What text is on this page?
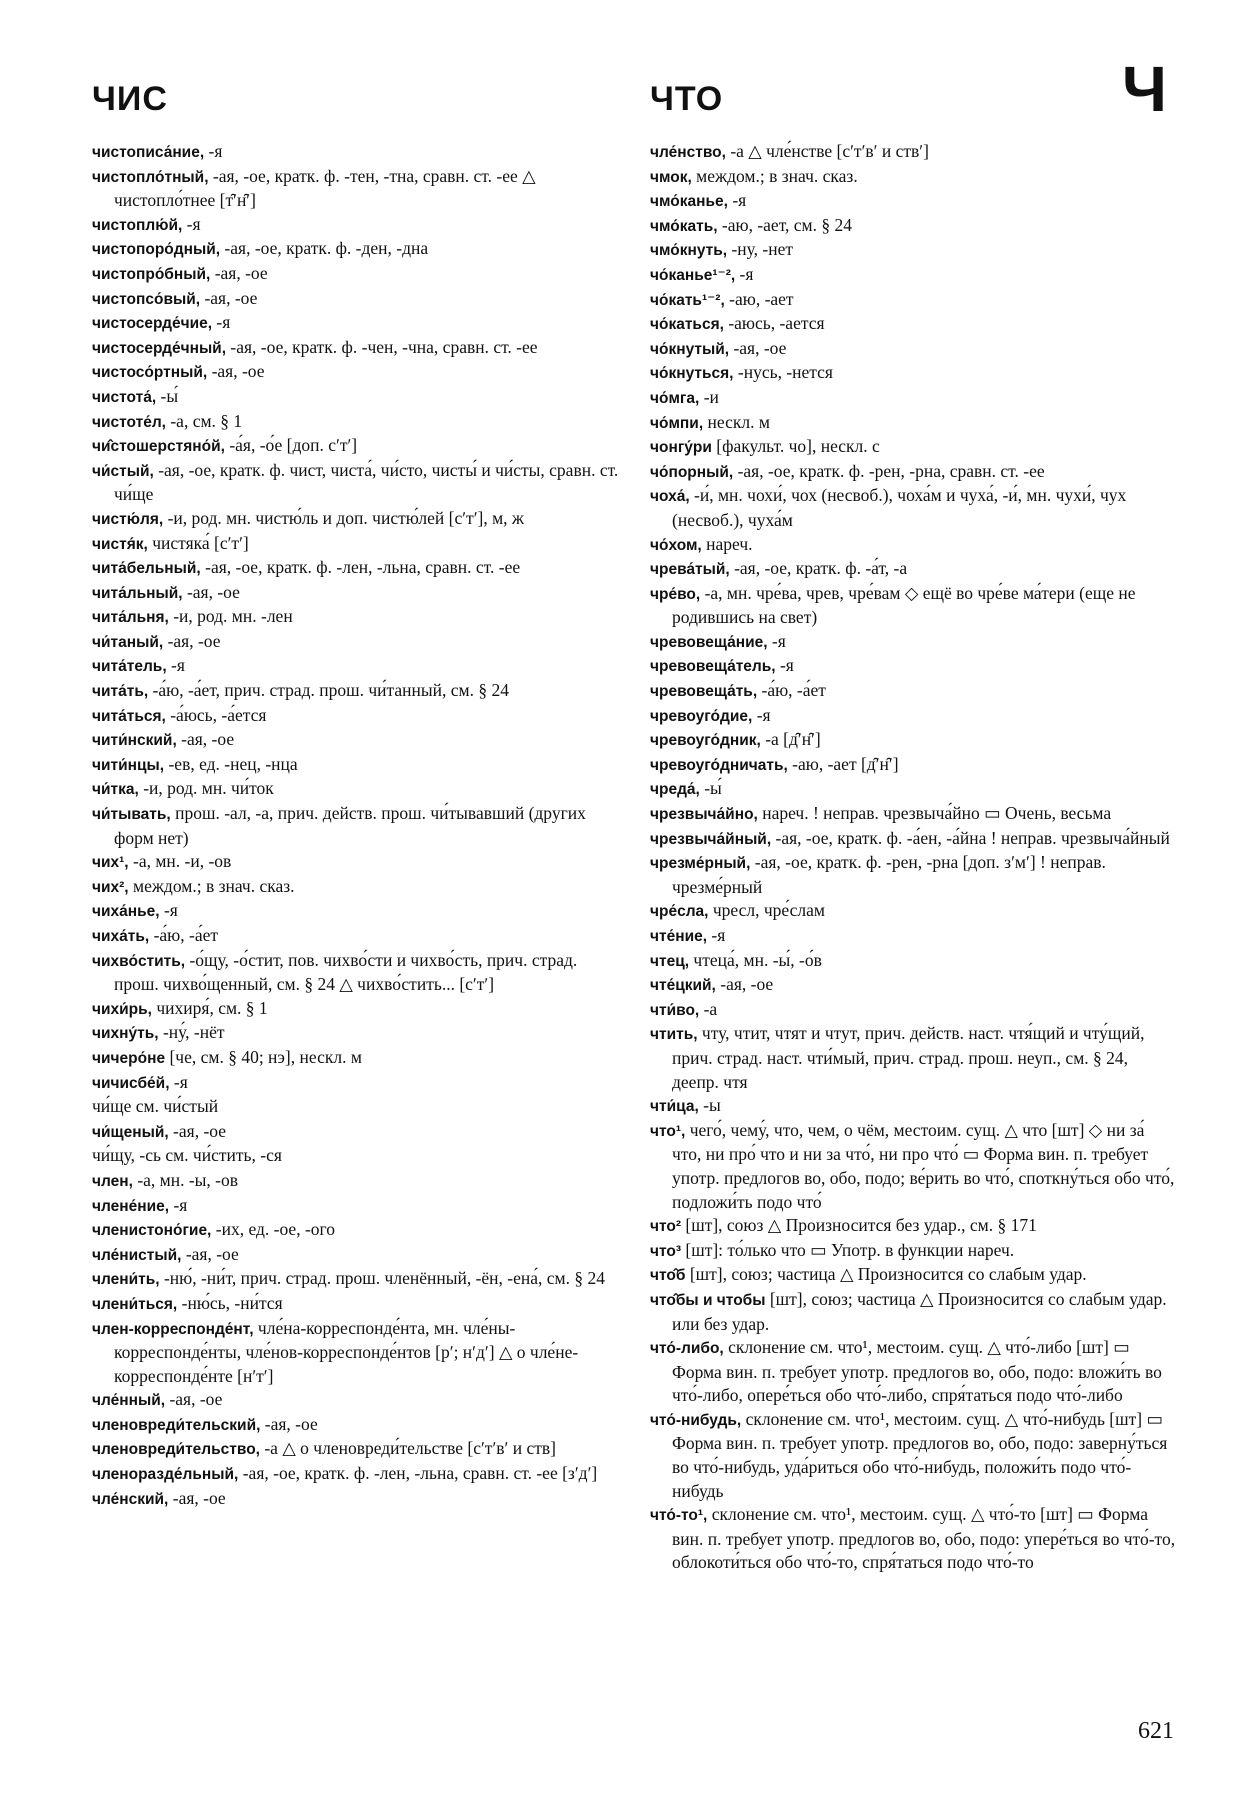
ЧИС	ЧТО	Ч
чистописа́ние, -я
чистопло́тный, -ая, -ое, кратк. ф. -тен, -тна, сравн. ст. -ее △ чистопло́тнее [т̑ʹн̑ʹ]
чистоплю́й, -я
чистопоро́дный, -ая, -ое, кратк. ф. -ден, -дна
чистопро́бный, -ая, -ое
чистопсо́вый, -ая, -ое
чистосерде́чие, -я
чистосерде́чный, -ая, -ое, кратк. ф. -чен, -чна, сравн. ст. -ее
чистосо́ртный, -ая, -ое
чистота́, -ы́
чистоте́л, -а, см. § 1
чи̂стошерстяно́й, -а́я, -о́е [доп. сʹтʹ]
чи́стый, -ая, -ое, кратк. ф. чист, чиста́, чи́сто, чисты́ и чи́сты, сравн. ст. чи́ще
чистю́ля, -и, род. мн. чистю́ль и доп. чистю́лей [сʹтʹ], м, ж
чистя́к, чистяка́ [сʹтʹ]
чита́бельный, -ая, -ое, кратк. ф. -лен, -льна, сравн. ст. -ее
чита́льный, -ая, -ое
чита́льня, -и, род. мн. -лен
чи́таный, -ая, -ое
чита́тель, -я
чита́ть, -а́ю, -а́ет, прич. страд. прош. чи́танный, см. § 24
чита́ться, -а́юсь, -а́ется
чити́нский, -ая, -ое
чити́нцы, -ев, ед. -нец, -нца
чи́тка, -и, род. мн. чи́ток
чи́тывать, прош. -ал, -а, прич. действ. прош. чи́тывавший (других форм нет)
чих¹, -а, мн. -и, -ов
чих², междом.; в знач. сказ.
чиха́нье, -я
чиха́ть, -а́ю, -а́ет
чихво́стить, -о́щу, -о́стит, пов. чихво́сти и чихво́сть, прич. страд. прош. чихво́щенный, см. § 24 △ чихво́стить... [сʹтʹ]
чихи́рь, чихиря́, см. § 1
чихну́ть, -ну́, -нёт
чичеро́не [че, см. § 40; нэ], нескл. м
чичисбе́й, -я
чи́ще см. чи́стый
чи́щеный, -ая, -ое
чи́щу, -сь см. чи́стить, -ся
член, -а, мн. -ы, -ов
члене́ние, -я
членистоно́гие, -их, ед. -ое, -ого
чле́нистый, -ая, -ое
члени́ть, -ню́, -ни́т, прич. страд. прош. членённый, -ён, -ена́, см. § 24
члени́ться, -ню́сь, -ни́тся
член-корреспонде́нт, чле́на-корреспонде́нта, мн. чле́ны-корреспонде́нты, чле́нов-корреспонде́нтов [рʹ; нʹдʹ] △ о чле́не-корреспонде́нте [нʹтʹ]
чле́нный, -ая, -ое
членовреди́тельский, -ая, -ое
членовреди́тельство, -а △ о членовреди́тельстве [сʹтʹвʹ и ств]
членоразде́льный, -ая, -ое, кратк. ф. -лен, -льна, сравн. ст. -ее [зʹдʹ]
чле́нский, -ая, -ое
чле́нство, -а △ чле́нстве [сʹтʹвʹ и ствʹ]
чмок, междом.; в знач. сказ.
чмо́канье, -я
чмо́кать, -аю, -ает, см. § 24
чмо́кнуть, -ну, -нет
чо́канье¹⁻², -я
чо́кать¹⁻², -аю, -ает
чо́каться, -аюсь, -ается
чо́кнутый, -ая, -ое
чо́кнуться, -нусь, -нется
чо́мга, -и
чо́мпи, нескл. м
чонгу́ри [факульт. чо], нескл. с
чо́порный, -ая, -ое, кратк. ф. -рен, -рна, сравн. ст. -ее
чоха́, -и́, мн. чохи́, чох (несвоб.), чоха́м и чуха́, -и́, мн. чухи́, чух (несвоб.), чуха́м
чо́хом, нареч.
чрева́тый, -ая, -ое, кратк. ф. -а́т, -а
чре́во, -а, мн. чре́ва, чрев, чре́вам ◇ ещё во чре́ве ма́тери (еще не родившись на свет)
чревовеща́ние, -я
чревовеща́тель, -я
чревовеща́ть, -а́ю, -а́ет
чревоуго́дие, -я
чревоуго́дник, -а [д̑ʹн̑ʹ]
чревоуго́дничать, -аю, -ает [д̑ʹн̑ʹ]
чреда́, -ы́
чрезвыча́йно, нареч. ! неправ. чрезвыча́йно ▭ Очень, весьма
чрезвыча́йный, -ая, -ое, кратк. ф. -а́ен, -а́йна ! неправ. чрезвыча́йный
чрезме́рный, -ая, -ое, кратк. ф. -рен, -рна [доп. зʹмʹ] ! неправ. чрезме́рный
чре́сла, чресл, чре́слам
чте́ние, -я
чтец, чтеца́, мн. -ы́, -о́в
чте́цкий, -ая, -ое
чти́во, -а
чтить, чту, чтит, чтят и чтут, прич. действ. наст. чтя́щий и чту́щий, прич. страд. наст. чти́мый, прич. страд. прош. неуп., см. § 24, деепр. чтя
чти́ца, -ы
что¹, чего́, чему́, что, чем, о чём, местоим. сущ. △ что [шт] ◇ ни за́ что, ни про́ что и ни за что́, ни про что́ ▭ Форма вин. п. требует употр. предлогов во, обо, подо; ве́рить во что́, споткну́ться обо что́, подложи́ть подо что́
что² [шт], союз △ Произносится без удар., см. § 171
что³ [шт]: то́лько что ▭ Употр. в функции нареч.
что̂б [шт], союз; частица △ Произносится со слабым удар.
что̂бы и чтобы [шт], союз; частица △ Произносится со слабым удар. или без удар.
что́-либо, склонение см. что¹, местоим. сущ. △ что́-либо [шт] ▭ Форма вин. п. требует употр. предлогов во, обо, подо: вложи́ть во что́-либо, опере́ться обо что́-либо, спря́таться подо что́-либо
что́-нибудь, склонение см. что¹, местоим. сущ. △ что́-нибудь [шт] ▭ Форма вин. п. требует употр. предлогов во, обо, подо: заверну́ться во что́-нибудь, уда́риться обо что́-нибудь, положи́ть подо что́-нибудь
что́-то¹, склонение см. что¹, местоим. сущ. △ что́-то [шт] ▭ Форма вин. п. требует употр. предлогов во, обо, подо: упере́ться во что́-то, облокоти́ться обо что́-то, спря́таться подо что́-то
621
